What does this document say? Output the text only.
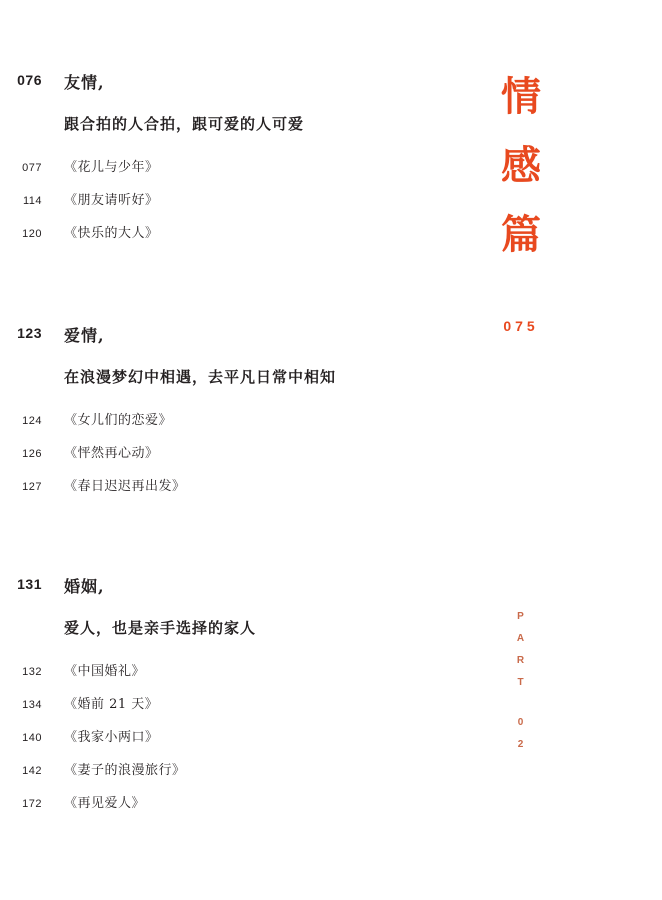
情
感
篇
075
P
A
R
T
0
2
076 友情,
跟合拍的人合拍，跟可爱的人可爱
077 《花儿与少年》
114 《朋友请听好》
120 《快乐的大人》
123 爱情,
在浪漫梦幻中相遇，去平凡日常中相知
124 《女儿们的恋爱》
126 《怦然再心动》
127 《春日迟迟再出发》
131 婚姻,
爱人，也是亲手选择的家人
132 《中国婚礼》
134 《婚前 21 天》
140 《我家小两口》
142 《妻子的浪漫旅行》
172 《再见爱人》
